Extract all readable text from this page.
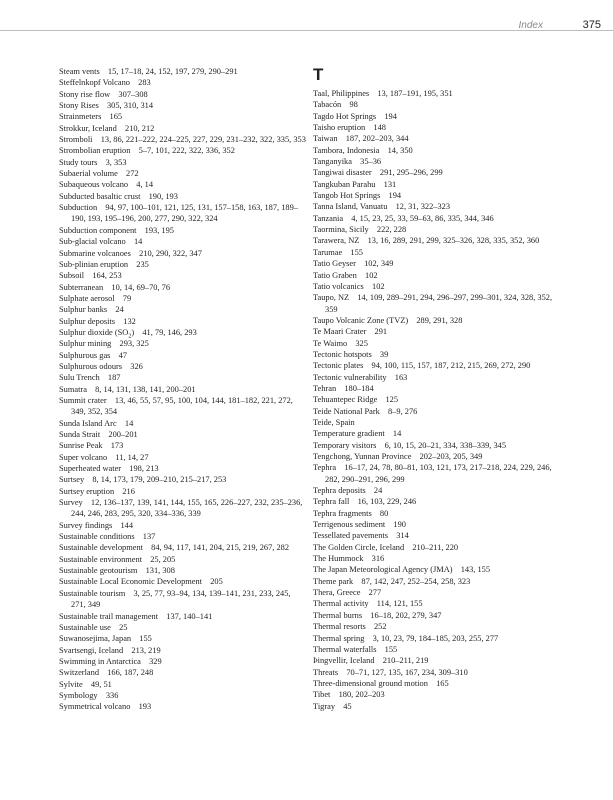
Index	375
Steam vents 15, 17–18, 24, 152, 197, 279, 290–291
Steffelnkopf Volcano 283
Stony rise flow 307–308
Stony Rises 305, 310, 314
Strainmeters 165
Strokkur, Iceland 210, 212
Stromboli 13, 86, 221–222, 224–225, 227, 229, 231–232, 322, 335, 353
Strombolian eruption 5–7, 101, 222, 322, 336, 352
Study tours 3, 353
Subaerial volume 272
Subaqueous volcano 4, 14
Subducted basaltic crust 190, 193
Subduction 94, 97, 100–101, 121, 125, 131, 157–158, 163, 187, 189–190, 193, 195–196, 200, 277, 290, 322, 324
Subduction component 193, 195
Sub-glacial volcano 14
Submarine volcanoes 210, 290, 322, 347
Sub-plinian eruption 235
Subsoil 164, 253
Subterranean 10, 14, 69–70, 76
Sulphate aerosol 79
Sulphur banks 24
Sulphur deposits 132
Sulphur dioxide $(SO_2)$ 41, 79, 146, 293
Sulphur mining 293, 325
Sulphurous gas 47
Sulphurous odours 326
Sulu Trench 187
Sumatra 8, 14, 131, 138, 141, 200–201
Summit crater 13, 46, 55, 57, 95, 100, 104, 144, 181–182, 221, 272, 349, 352, 354
Sunda Island Arc 14
Sunda Strait 200–201
Sunrise Peak 173
Super volcano 11, 14, 27
Superheated water 198, 213
Surtsey 8, 14, 173, 179, 209–210, 215–217, 253
Surtsey eruption 216
Survey 12, 136–137, 139, 141, 144, 155, 165, 226–227, 232, 235–236, 244, 246, 283, 295, 320, 334–336, 339
Survey findings 144
Sustainable conditions 137
Sustainable development 84, 94, 117, 141, 204, 215, 219, 267, 282
Sustainable environment 25, 205
Sustainable geotourism 131, 308
Sustainable Local Economic Development 205
Sustainable tourism 3, 25, 77, 93–94, 134, 139–141, 231, 233, 245, 271, 349
Sustainable trail management 137, 140–141
Sustainable use 25
Suwanosejima, Japan 155
Svartsengi, Iceland 213, 219
Swimming in Antarctica 329
Switzerland 166, 187, 248
Sylvite 49, 51
Symbology 336
Symmetrical volcano 193
T
Taal, Philippines 13, 187–191, 195, 351
Tabacón 98
Tagdo Hot Springs 194
Taisho eruption 148
Taiwan 187, 202–203, 344
Tambora, Indonesia 14, 350
Tanganyika 35–36
Tangiwai disaster 291, 295–296, 299
Tangkuban Parahu 131
Tangob Hot Springs 194
Tanna Island, Vanuatu 12, 31, 322–323
Tanzania 4, 15, 23, 25, 33, 59–63, 86, 335, 344, 346
Taormina, Sicily 222, 228
Tarawera, NZ 13, 16, 289, 291, 299, 325–326, 328, 335, 352, 360
Tarumae 155
Tatio Geyser 102, 349
Tatio Graben 102
Tatio volcanics 102
Taupo, NZ 14, 109, 289–291, 294, 296–297, 299–301, 324, 328, 352, 359
Taupo Volcanic Zone (TVZ) 289, 291, 328
Te Maari Crater 291
Te Waimo 325
Tectonic hotspots 39
Tectonic plates 94, 100, 115, 157, 187, 212, 215, 269, 272, 290
Tectonic vulnerability 163
Tehran 180–184
Tehuantepec Ridge 125
Teide National Park 8–9, 276
Teide, Spain
Temperature gradient 14
Temporary visitors 6, 10, 15, 20–21, 334, 338–339, 345
Tengchong, Yunnan Province 202–203, 205, 349
Tephra 16–17, 24, 78, 80–81, 103, 121, 173, 217–218, 224, 229, 246, 282, 290–291, 296, 299
Tephra deposits 24
Tephra fall 16, 103, 229, 246
Tephra fragments 80
Terrigenous sediment 190
Tessellated pavements 314
The Golden Circle, Iceland 210–211, 220
The Hummock 316
The Japan Meteorological Agency (JMA) 143, 155
Theme park 87, 142, 247, 252–254, 258, 323
Thera, Greece 277
Thermal activity 114, 121, 155
Thermal burns 16–18, 202, 279, 347
Thermal resorts 252
Thermal spring 3, 10, 23, 79, 184–185, 203, 255, 277
Thermal waterfalls 155
Þingvellir, Iceland 210–211, 219
Threats 70–71, 127, 135, 167, 234, 309–310
Three-dimensional ground motion 165
Tibet 180, 202–203
Tigray 45
